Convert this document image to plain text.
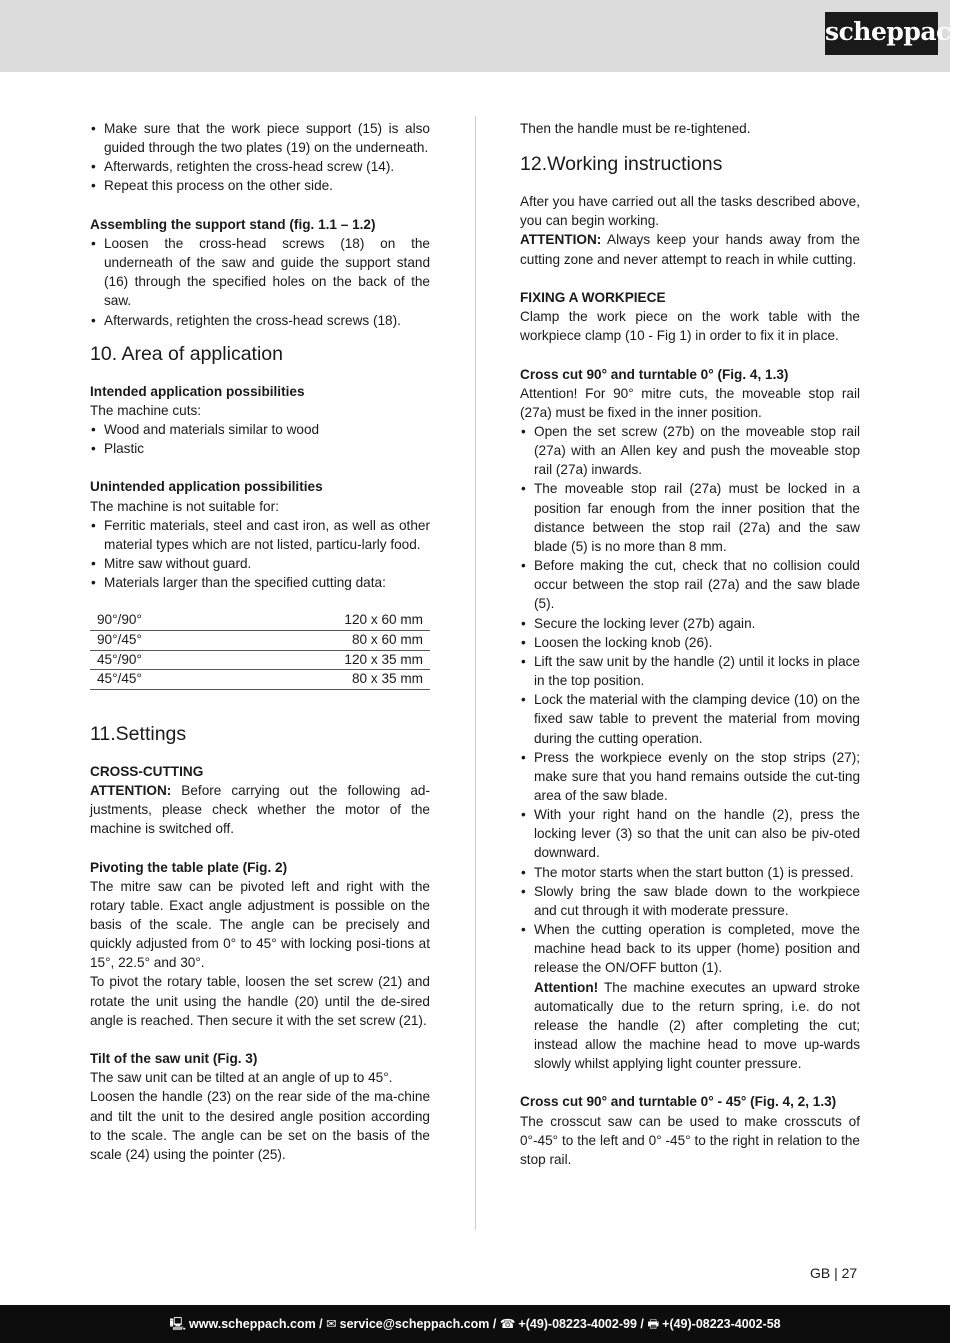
scheppach
• Make sure that the work piece support (15) is also guided through the two plates (19) on the underneath.
• Afterwards, retighten the cross-head screw (14).
• Repeat this process on the other side.

Assembling the support stand (fig. 1.1 – 1.2)

• Loosen the cross-head screws (18) on the underneath of the saw and guide the support stand (16) through the specified holes on the back of the saw.
• Afterwards, retighten the cross-head screws (18).
10. Area of application

Intended application possibilities

The machine cuts:

• Wood and materials similar to wood
• Plastic

Unintended application possibilities

The machine is not suitable for:

• Ferritic materials, steel and cast iron, as well as other material types which are not listed, particu-larly food.
• Mitre saw without guard.
• Materials larger than the specified cutting data:
90°/90°	120 x 60 mm
90°/45°	80 x 60 mm
45°/90°	120 x 35 mm
45°/45°	80 x 35 mm
11.Settings

CROSS-CUTTING

ATTENTION: Before carrying out the following ad-justments, please check whether the motor of the machine is switched off.

Pivoting the table plate (Fig. 2)

The mitre saw can be pivoted left and right with the rotary table. Exact angle adjustment is possible on the basis of the scale. The angle can be precisely and quickly adjusted from 0° to 45° with locking posi-tions at 15°, 22.5° and 30°.

To pivot the rotary table, loosen the set screw (21) and rotate the unit using the handle (20) until the de-sired angle is reached. Then secure it with the set screw (21).

Tilt of the saw unit (Fig. 3)

The saw unit can be tilted at an angle of up to 45°.

Loosen the handle (23) on the rear side of the ma-chine and tilt the unit to the desired angle position according to the scale. The angle can be set on the basis of the scale (24) using the pointer (25).

Then the handle must be re-tightened.

12.Working instructions

After you have carried out all the tasks described above, you can begin working.

ATTENTION: Always keep your hands away from the cutting zone and never attempt to reach in while cutting.

FIXING A WORKPIECE

Clamp the work piece on the work table with the workpiece clamp (10 - Fig 1) in order to fix it in place.

Cross cut 90° and turntable 0° (Fig. 4, 1.3)

Attention! For 90° mitre cuts, the moveable stop rail (27a) must be fixed in the inner position.

• Open the set screw (27b) on the moveable stop rail (27a) with an Allen key and push the moveable stop rail (27a) inwards.
• The moveable stop rail (27a) must be locked in a position far enough from the inner position that the distance between the stop rail (27a) and the saw blade (5) is no more than 8 mm.
• Before making the cut, check that no collision could occur between the stop rail (27a) and the saw blade (5).
• Secure the locking lever (27b) again.
• Loosen the locking knob (26).
• Lift the saw unit by the handle (2) until it locks in place in the top position.
• Lock the material with the clamping device (10) on the fixed saw table to prevent the material from moving during the cutting operation.
• Press the workpiece evenly on the stop strips (27); make sure that you hand remains outside the cut-ting area of the saw blade.
• With your right hand on the handle (2), press the locking lever (3) so that the unit can also be piv-oted downward.
• The motor starts when the start button (1) is pressed.
• Slowly bring the saw blade down to the workpiece and cut through it with moderate pressure.
• When the cutting operation is completed, move the machine head back to its upper (home) position and release the ON/OFF button (1).
Attention! The machine executes an upward stroke automatically due to the return spring, i.e. do not release the handle (2) after completing the cut; instead allow the machine head to move up-wards slowly whilst applying light counter pressure.

Cross cut 90° and turntable 0° - 45° (Fig. 4, 2, 1.3)

The crosscut saw can be used to make crosscuts of 0°-45° to the left and 0° -45° to the right in relation to the stop rail.

GB | 27
🖳︎ www.scheppach.com / ✉︎ service@scheppach.com / ☎︎ +(49)-08223-4002-99 / 🖶︎ +(49)-08223-4002-58
